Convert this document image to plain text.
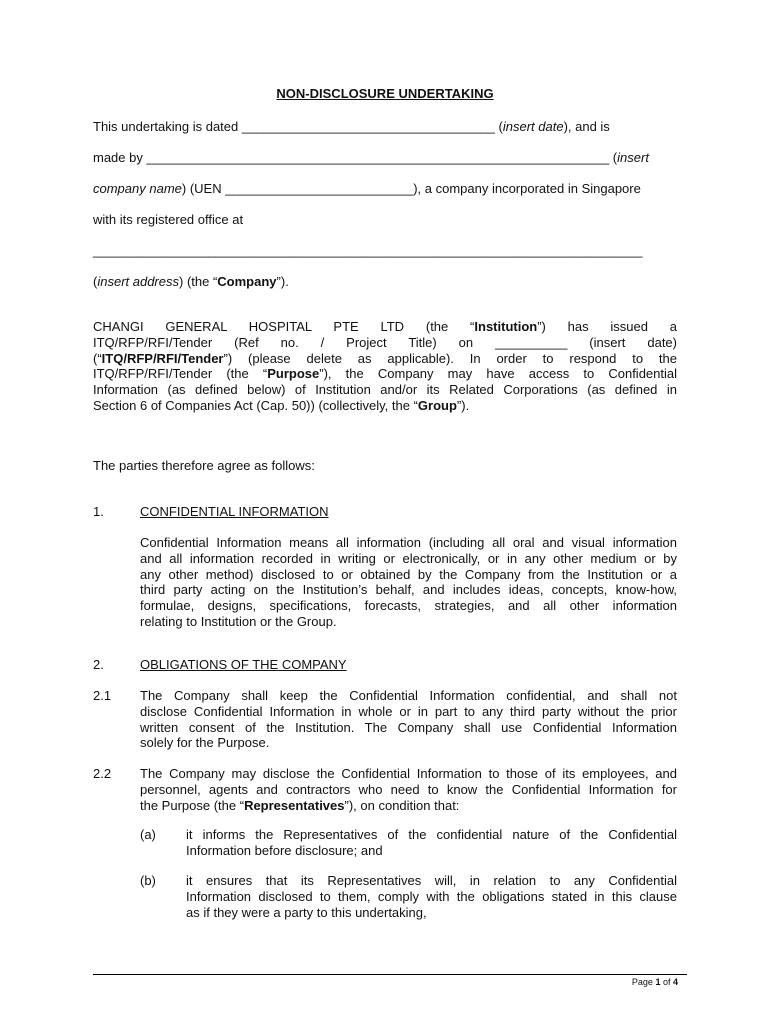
NON-DISCLOSURE UNDERTAKING
This undertaking is dated ___________________________________ (insert date), and is
made by ________________________________________________________________ (insert
company name) (UEN __________________________), a company incorporated in Singapore
with its registered office at
____________________________________________________________________________
(insert address) (the “Company”).
CHANGI GENERAL HOSPITAL PTE LTD (the “Institution”) has issued a
ITQ/RFP/RFI/Tender (Ref no. / Project Title) on __________ (insert date)
(“ITQ/RFP/RFI/Tender”) (please delete as applicable). In order to respond to the
ITQ/RFP/RFI/Tender (the “Purpose”), the Company may have access to Confidential
Information (as defined below) of Institution and/or its Related Corporations (as defined in
Section 6 of Companies Act (Cap. 50)) (collectively, the “Group”).
The parties therefore agree as follows:
1.	CONFIDENTIAL INFORMATION
Confidential Information means all information (including all oral and visual information
and all information recorded in writing or electronically, or in any other medium or by
any other method) disclosed to or obtained by the Company from the Institution or a
third party acting on the Institution’s behalf, and includes ideas, concepts, know-how,
formulae, designs, specifications, forecasts, strategies, and all other information
relating to Institution or the Group.
2.	OBLIGATIONS OF THE COMPANY
2.1 The Company shall keep the Confidential Information confidential, and shall not
disclose Confidential Information in whole or in part to any third party without the prior
written consent of the Institution. The Company shall use Confidential Information
solely for the Purpose.
2.2 The Company may disclose the Confidential Information to those of its employees, and
personnel, agents and contractors who need to know the Confidential Information for
the Purpose (the “Representatives”), on condition that:
(a) it informs the Representatives of the confidential nature of the Confidential
Information before disclosure; and
(b) it ensures that its Representatives will, in relation to any Confidential
Information disclosed to them, comply with the obligations stated in this clause
as if they were a party to this undertaking,
Page 1 of 4
